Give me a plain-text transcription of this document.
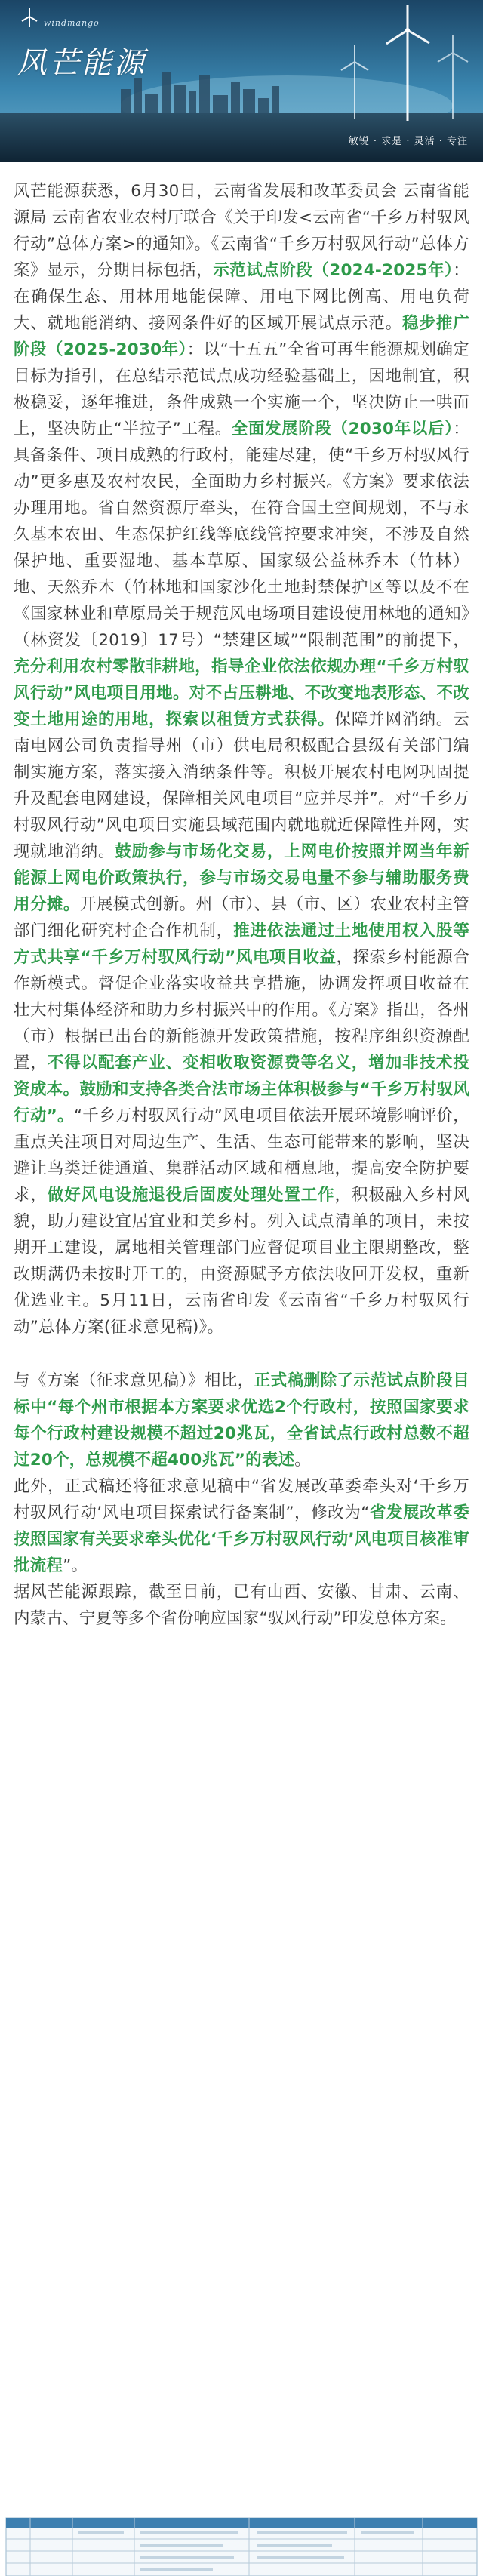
windmango
风芒能源
敏锐 · 求是 · 灵活 · 专注

风芒能源获悉，6月30日，云南省发展和改革委员会 云南省能源局 云南省农业农村厅联合《关于印发<云南省“千乡万村驭风行动”总体方案>的通知》。《云南省“千乡万村驭风行动”总体方案》显示，分期目标包括，示范试点阶段（2024-2025年）：在确保生态、用林用地能保障、用电下网比例高、用电负荷大、就地能消纳、接网条件好的区域开展试点示范。稳步推广阶段（2025-2030年）：以“十五五”全省可再生能源规划确定目标为指引，在总结示范试点成功经验基础上，因地制宜，积极稳妥，逐年推进，条件成熟一个实施一个，坚决防止一哄而上，坚决防止“半拉子”工程。全面发展阶段（2030年以后）：具备条件、项目成熟的行政村，能建尽建，使“千乡万村驭风行动”更多惠及农村农民，全面助力乡村振兴。《方案》要求依法办理用地。省自然资源厅牵头，在符合国土空间规划，不与永久基本农田、生态保护红线等底线管控要求冲突，不涉及自然保护地、重要湿地、基本草原、国家级公益林乔木（竹林）地、天然乔木（竹林地和国家沙化土地封禁保护区等以及不在《国家林业和草原局关于规范风电场项目建设使用林地的通知》（林资发〔2019〕17号）“禁建区域”“限制范围”的前提下，充分利用农村零散非耕地，指导企业依法依规办理“千乡万村驭风行动”风电项目用地。对不占压耕地、不改变地表形态、不改变土地用途的用地，探索以租赁方式获得。保障并网消纳。云南电网公司负责指导州（市）供电局积极配合县级有关部门编制实施方案，落实接入消纳条件等。积极开展农村电网巩固提升及配套电网建设，保障相关风电项目“应并尽并”。对“千乡万村驭风行动”风电项目实施县域范围内就地就近保障性并网，实现就地消纳。鼓励参与市场化交易，上网电价按照并网当年新能源上网电价政策执行，参与市场交易电量不参与辅助服务费用分摊。开展模式创新。州（市）、县（市、区）农业农村主管部门细化研究村企合作机制，推进依法通过土地使用权入股等方式共享“千乡万村驭风行动”风电项目收益，探索乡村能源合作新模式。督促企业落实收益共享措施，协调发挥项目收益在壮大村集体经济和助力乡村振兴中的作用。《方案》指出，各州（市）根据已出台的新能源开发政策措施，按程序组织资源配置，不得以配套产业、变相收取资源费等名义，增加非技术投资成本。鼓励和支持各类合法市场主体积极参与“千乡万村驭风行动”。“千乡万村驭风行动”风电项目依法开展环境影响评价，重点关注项目对周边生产、生活、生态可能带来的影响，坚决避让鸟类迁徙通道、集群活动区域和栖息地，提高安全防护要求，做好风电设施退役后固废处理处置工作，积极融入乡村风貌，助力建设宜居宜业和美乡村。列入试点清单的项目，未按期开工建设，属地相关管理部门应督促项目业主限期整改，整改期满仍未按时开工的，由资源赋予方依法收回开发权，重新优选业主。5月11日，云南省印发《云南省“千乡万村驭风行动”总体方案(征求意见稿)》。

与《方案（征求意见稿）》相比，正式稿删除了示范试点阶段目标中“每个州市根据本方案要求优选2个行政村，按照国家要求每个行政村建设规模不超过20兆瓦，全省试点行政村总数不超过20个，总规模不超400兆瓦”的表述。

此外，正式稿还将征求意见稿中“省发展改革委牵头对‘千乡万村驭风行动’风电项目探索试行备案制”，修改为“省发展改革委按照国家有关要求牵头优化‘千乡万村驭风行动’风电项目核准审批流程”。

据风芒能源跟踪，截至目前，已有山西、安徽、甘肃、云南、内蒙古、宁夏等多个省份响应国家“驭风行动”印发总体方案。
